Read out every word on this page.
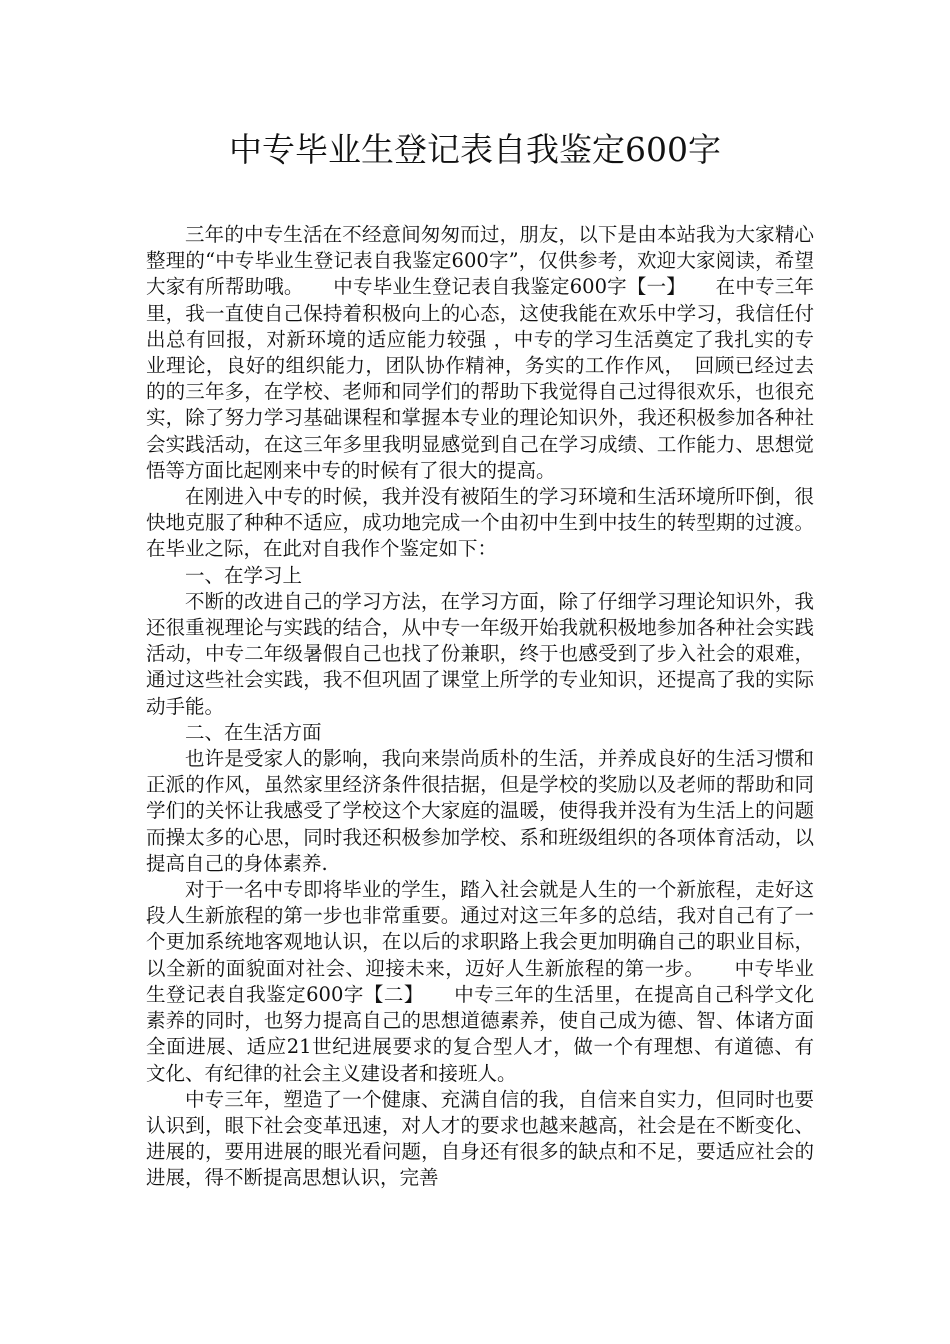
中专毕业生登记表自我鉴定600字

三年的中专生活在不经意间匆匆而过，朋友，以下是由本站我为大家精心整理的“中专毕业生登记表自我鉴定600字”，仅供参考，欢迎大家阅读，希望大家有所帮助哦。　　中专毕业生登记表自我鉴定600字【一】　　在中专三年里，我一直使自己保持着积极向上的心态，这使我能在欢乐中学习，我信任付出总有回报，对新环境的适应能力较强 ，中专的学习生活奠定了我扎实的专业理论，良好的组织能力，团队协作精神，务实的工作作风，　回顾已经过去的的三年多，在学校、老师和同学们的帮助下我觉得自己过得很欢乐，也很充实，除了努力学习基础课程和掌握本专业的理论知识外，我还积极参加各种社会实践活动，在这三年多里我明显感觉到自己在学习成绩、工作能力、思想觉悟等方面比起刚来中专的时候有了很大的提高。

在刚进入中专的时候，我并没有被陌生的学习环境和生活环境所吓倒，很快地克服了种种不适应，成功地完成一个由初中生到中技生的转型期的过渡。在毕业之际，在此对自我作个鉴定如下：

一、在学习上

不断的改进自己的学习方法，在学习方面，除了仔细学习理论知识外，我还很重视理论与实践的结合，从中专一年级开始我就积极地参加各种社会实践活动，中专二年级暑假自己也找了份兼职，终于也感受到了步入社会的艰难，通过这些社会实践，我不但巩固了课堂上所学的专业知识，还提高了我的实际动手能。

二、在生活方面

也许是受家人的影响，我向来崇尚质朴的生活，并养成良好的生活习惯和正派的作风，虽然家里经济条件很拮据，但是学校的奖励以及老师的帮助和同学们的关怀让我感受了学校这个大家庭的温暖，使得我并没有为生活上的问题而操太多的心思，同时我还积极参加学校、系和班级组织的各项体育活动，以提高自己的身体素养.

对于一名中专即将毕业的学生，踏入社会就是人生的一个新旅程，走好这段人生新旅程的第一步也非常重要。通过对这三年多的总结，我对自己有了一个更加系统地客观地认识，在以后的求职路上我会更加明确自己的职业目标，以全新的面貌面对社会、迎接未来，迈好人生新旅程的第一步。　　中专毕业生登记表自我鉴定600字【二】　　中专三年的生活里，在提高自己科学文化素养的同时，也努力提高自己的思想道德素养，使自己成为德、智、体诸方面全面进展、适应21世纪进展要求的复合型人才，做一个有理想、有道德、有文化、有纪律的社会主义建设者和接班人。

中专三年，塑造了一个健康、充满自信的我，自信来自实力，但同时也要认识到，眼下社会变革迅速，对人才的要求也越来越高，社会是在不断变化、进展的，要用进展的眼光看问题，自身还有很多的缺点和不足，要适应社会的进展，得不断提高思想认识，完善
